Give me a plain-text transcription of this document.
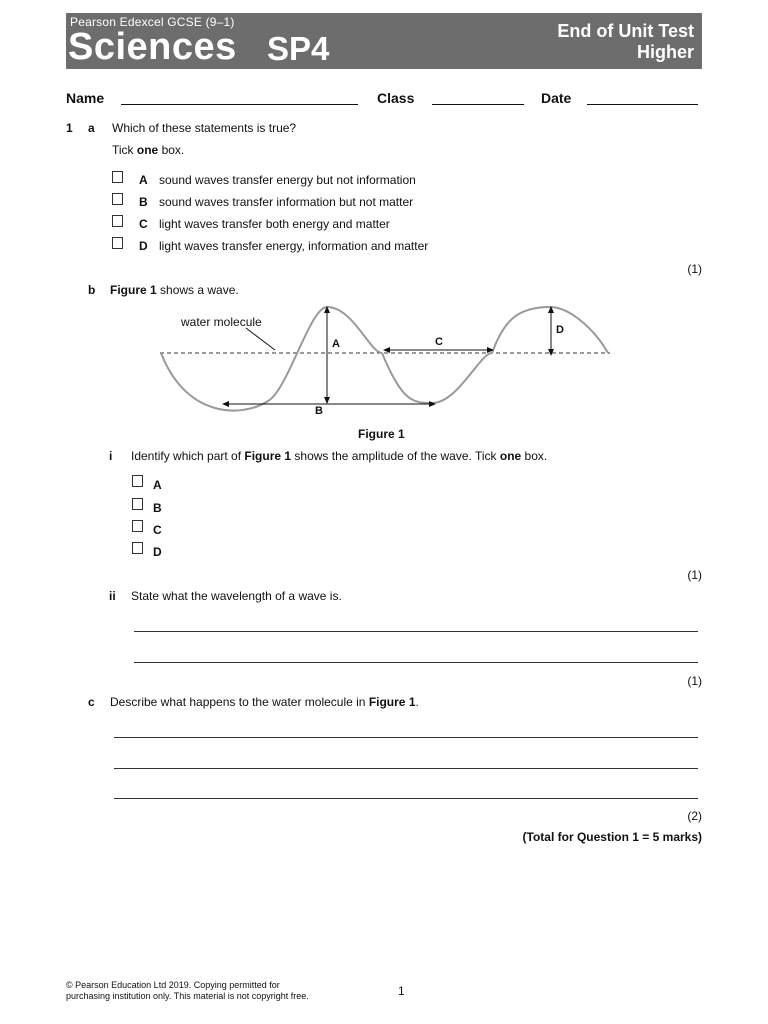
Pearson Edexcel GCSE (9–1)
Sciences SP4	End of Unit Test
Higher
Name	Class	Date
1 a Which of these statements is true?
Tick one box.
A sound waves transfer energy but not information
B sound waves transfer information but not matter
C light waves transfer both energy and matter
D light waves transfer energy, information and matter
(1)
b Figure 1 shows a wave.
water molecule
A	C
D
B
Figure 1
i Identify which part of Figure 1 shows the amplitude of the wave. Tick one box.
A
B
C
D
(1)
ii State what the wavelength of a wave is.
(1)
c Describe what happens to the water molecule in Figure 1.
(2)
(Total for Question 1 = 5 marks)
© Pearson Education Ltd 2019. Copying permitted for
purchasing institution only. This material is not copyright free.	1
